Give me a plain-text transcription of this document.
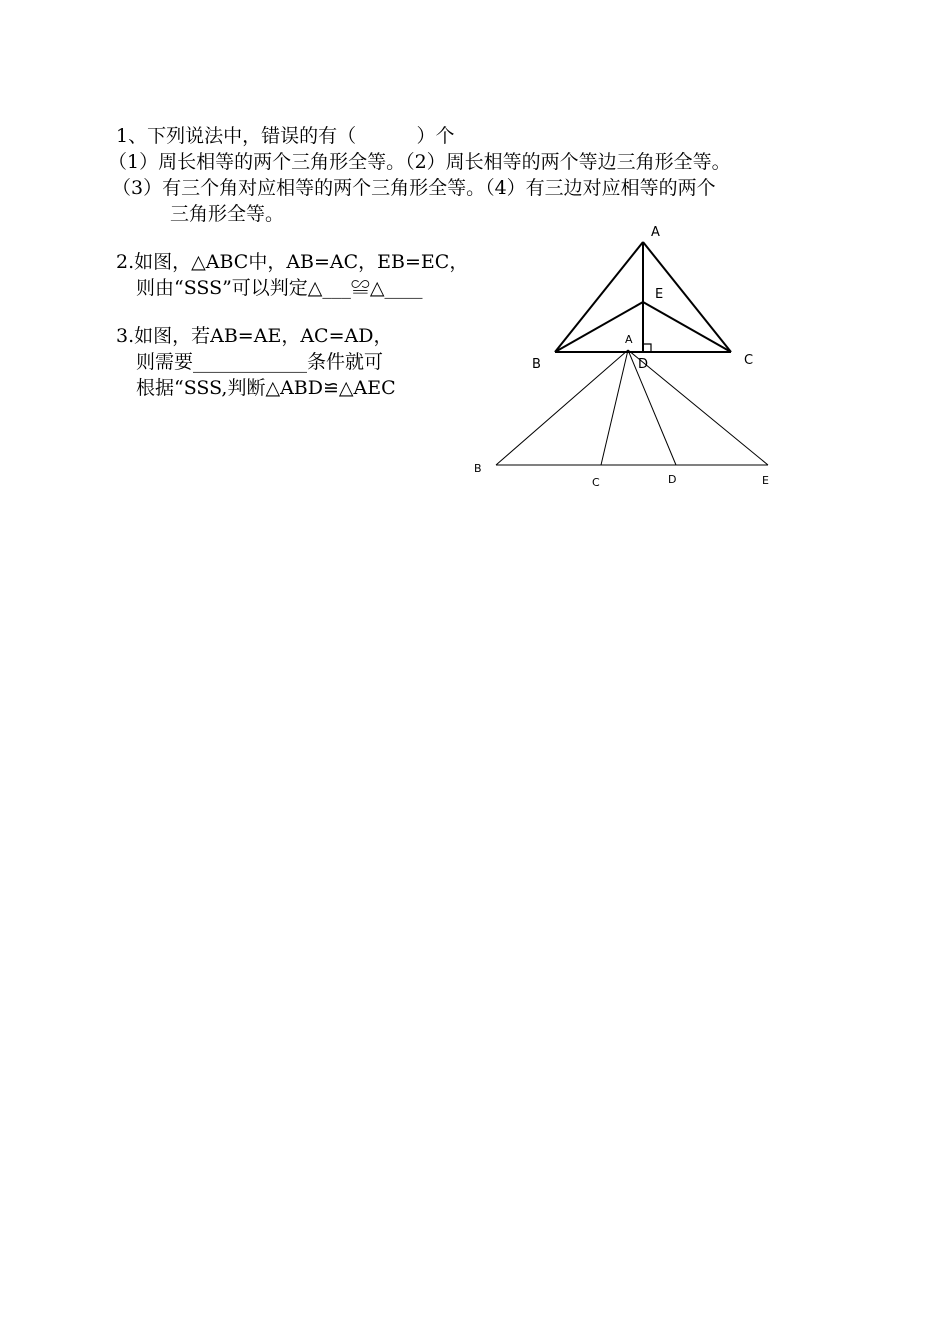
1、下列说法中，错误的有（          ）个
（1）周长相等的两个三角形全等。（2）周长相等的两个等边三角形全等。
（3）有三个角对应相等的两个三角形全等。（4）有三边对应相等的两个
三角形全等。
2.如图，△ABC中，AB=AC，EB=EC，
则由“SSS”可以判定△___≌△____
3.如图，若AB=AE，AC=AD，
则需要____________条件就可
根据“SSS,判断△ABD≌△AEC
A
E
B	C
D
A
B
C	D	E
